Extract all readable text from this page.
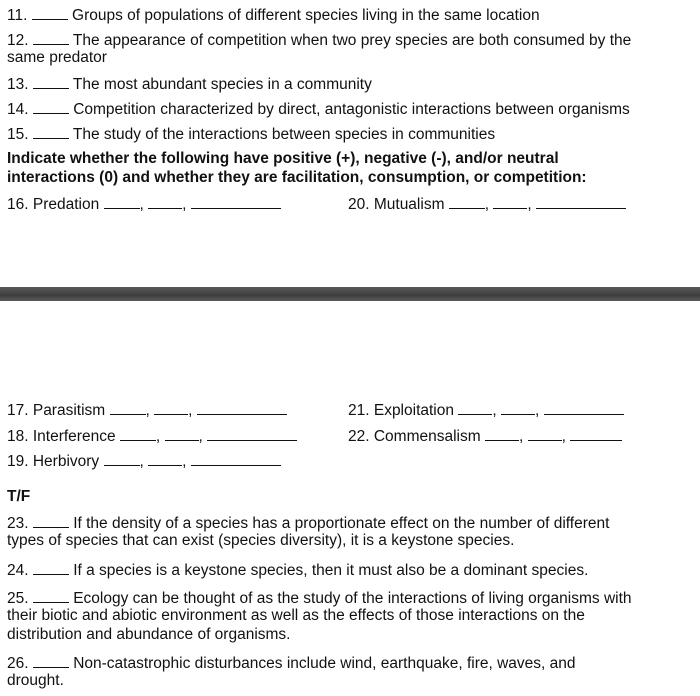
11.	Groups of populations of different species living in the same location
12.	The appearance of competition when two prey species are both consumed by the
same predator
13.	The most abundant species in a community
14.	Competition characterized by direct, antagonistic interactions between organisms
15.	The study of the interactions between species in communities
Indicate whether the following have positive (+), negative (-), and/or neutral
interactions (0) and whether they are facilitation, consumption, or competition:
16. Predation	, ,	20. Mutualism	, ,
17. Parasitism	, ,	21. Exploitation , ,
18. Interference	, ,	22. Commensalism , ,
19. Herbivory	, ,
T/F
23.	If the density of a species has a proportionate effect on the number of different
types of species that can exist (species diversity), it is a keystone species.
24.	If a species is a keystone species, then it must also be a dominant species.
25.	Ecology can be thought of as the study of the interactions of living organisms with
their biotic and abiotic environment as well as the effects of those interactions on the
distribution and abundance of organisms.
26.	Non-catastrophic disturbances include wind, earthquake, fire, waves, and
drought.
